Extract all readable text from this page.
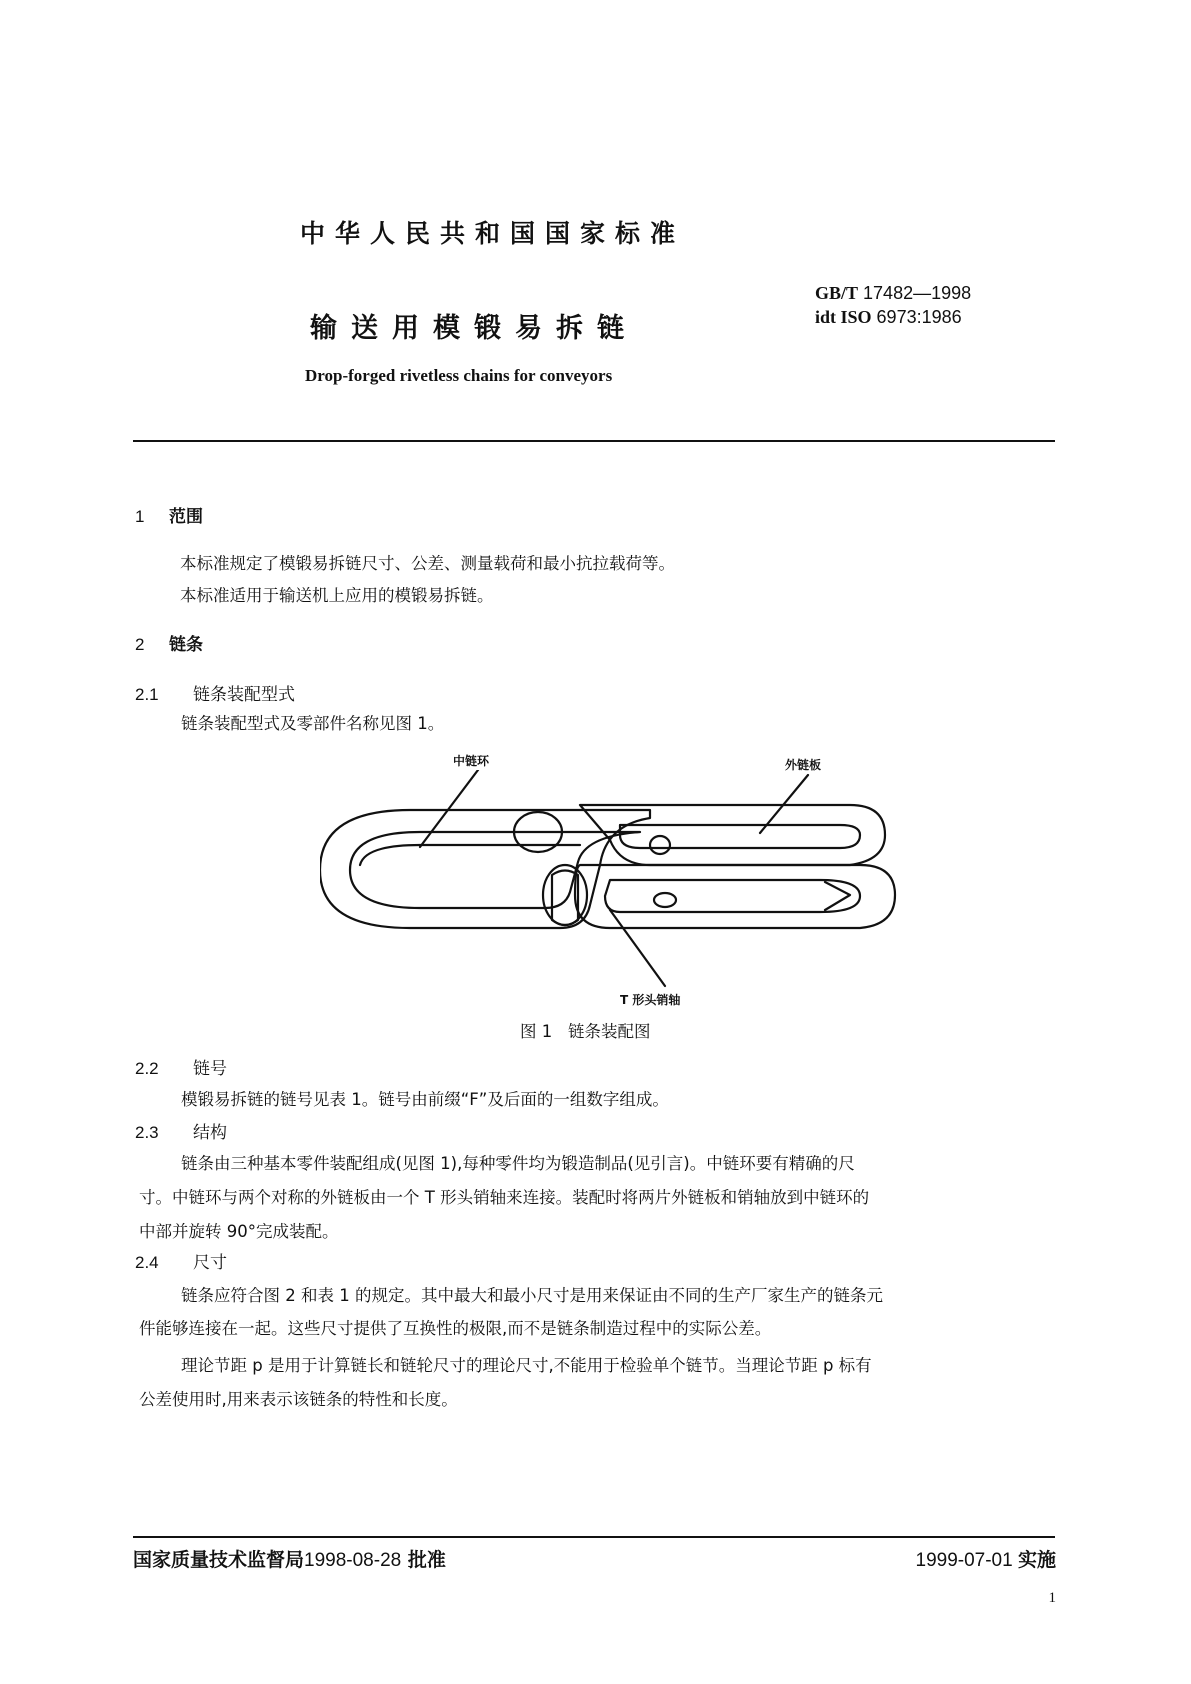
中华人民共和国国家标准
输送用模锻易拆链
Drop-forged rivetless chains for conveyors
GB/T 17482—1998
idt ISO 6973:1986
1 范围
本标准规定了模锻易拆链尺寸、公差、测量载荷和最小抗拉载荷等。
本标准适用于输送机上应用的模锻易拆链。
2 链条
2.1 链条装配型式
链条装配型式及零部件名称见图 1。
中链环	外链板
T 形头销轴
图 1 链条装配图
2.2 链号
模锻易拆链的链号见表 1。链号由前缀“F”及后面的一组数字组成。
2.3 结构
链条由三种基本零件装配组成(见图 1),每种零件均为锻造制品(见引言)。中链环要有精确的尺
寸。中链环与两个对称的外链板由一个 T 形头销轴来连接。装配时将两片外链板和销轴放到中链环的
中部并旋转 90°完成装配。
2.4 尺寸
链条应符合图 2 和表 1 的规定。其中最大和最小尺寸是用来保证由不同的生产厂家生产的链条元
件能够连接在一起。这些尺寸提供了互换性的极限,而不是链条制造过程中的实际公差。
理论节距 p 是用于计算链长和链轮尺寸的理论尺寸,不能用于检验单个链节。当理论节距 p 标有
公差使用时,用来表示该链条的特性和长度。
国家质量技术监督局1998-08-28 批准	1999-07-01 实施
1
